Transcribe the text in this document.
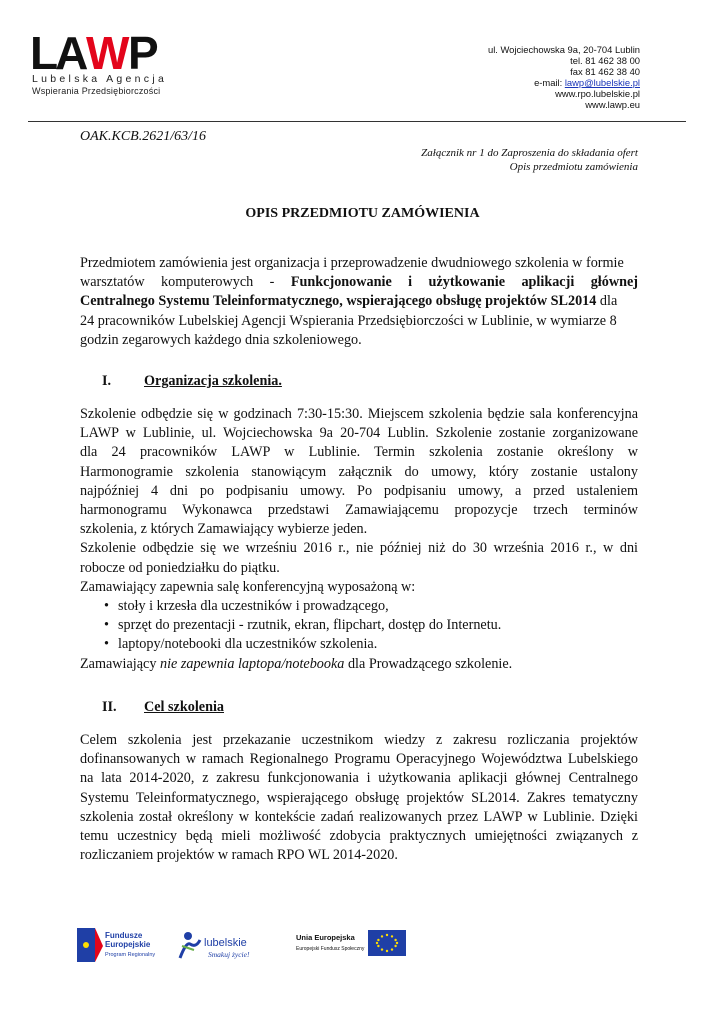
LA W P
Lubelska Agencja
Wspierania Przedsiębiorczości
ul. Wojciechowska 9a, 20-704 Lublin
tel. 81 462 38 00
fax 81 462 38 40
e-mail: lawp@lubelskie.pl
www.rpo.lubelskie.pl
www.lawp.eu
OAK.KCB.2621/63/16
Załącznik nr 1 do Zaproszenia do składania ofert
Opis przedmiotu zamówienia
OPIS PRZEDMIOTU ZAMÓWIENIA
Przedmiotem zamówienia jest organizacja i przeprowadzenie dwudniowego szkolenia w formie
warsztatów komputerowych - Funkcjonowanie i użytkowanie aplikacji głównej
Centralnego Systemu Teleinformatycznego, wspierającego obsługę projektów SL2014 dla
24 pracowników Lubelskiej Agencji Wspierania Przedsiębiorczości w Lublinie, w wymiarze 8
godzin zegarowych każdego dnia szkoleniowego.
I. Organizacja szkolenia.
Szkolenie odbędzie się w godzinach 7:30-15:30. Miejscem szkolenia będzie sala konferencyjna
LAWP w Lublinie, ul. Wojciechowska 9a 20-704 Lublin. Szkolenie zostanie zorganizowane
dla 24 pracowników LAWP w Lublinie. Termin szkolenia zostanie określony w
Harmonogramie szkolenia stanowiącym załącznik do umowy, który zostanie ustalony
najpóźniej 4 dni po podpisaniu umowy. Po podpisaniu umowy, a przed ustaleniem
harmonogramu Wykonawca przedstawi Zamawiającemu propozycje trzech terminów
szkolenia, z których Zamawiający wybierze jeden.
Szkolenie odbędzie się we wrześniu 2016 r., nie później niż do 30 września 2016 r., w dni
robocze od poniedziałku do piątku.
Zamawiający zapewnia salę konferencyjną wyposażoną w:
• stoły i krzesła dla uczestników i prowadzącego,
• sprzęt do prezentacji - rzutnik, ekran, flipchart, dostęp do Internetu.
• laptopy/notebooki dla uczestników szkolenia.
Zamawiający nie zapewnia laptopa/notebooka dla Prowadzącego szkolenie.
II. Cel szkolenia
Celem szkolenia jest przekazanie uczestnikom wiedzy z zakresu rozliczania projektów
dofinansowanych w ramach Regionalnego Programu Operacyjnego Województwa Lubelskiego
na lata 2014-2020, z zakresu funkcjonowania i użytkowania aplikacji głównej Centralnego
Systemu Teleinformatycznego, wspierającego obsługę projektów SL2014. Zakres tematyczny
szkolenia został określony w kontekście zadań realizowanych przez LAWP w Lublinie. Dzięki
temu uczestnicy będą mieli możliwość zdobycia praktycznych umiejętności związanych z
rozliczaniem projektów w ramach RPO WL 2014-2020.
Fundusze
Europejskie
Program Regionalny
lubelskie
Smakuj życie!
Unia Europejska
Europejski Fundusz Społeczny
